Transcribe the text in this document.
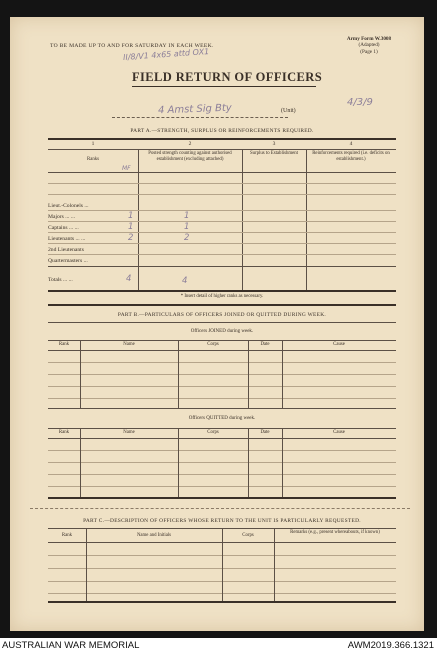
TO BE MADE UP TO AND FOR SATURDAY IN EACH WEEK.
Army Form W.3008
(Adapted)
(Page 1)
II/8/V1 4x65 attd OX1
FIELD RETURN OF OFFICERS
4 Amst Sig Bty	(Unit)
4/3/9
PART A.—STRENGTH, SURPLUS OR REINFORCEMENTS REQUIRED.
1	2	3	4
Ranks
Posted strength counting against authorised establishment (excluding attached)
Surplus to Establishment	Reinforcements required (i.e. deficits on establishment.)
MF
Lieut.-Colonels ...
Majors ... ...	1	1
Captains ... ...	1	1
Lieutenants ... ...	2	2
2nd Lieutenants
Quartermasters ...
Totals ... ...	4	4
* Insert detail of higher ranks as necessary.
PART B.—PARTICULARS OF OFFICERS JOINED OR QUITTED DURING WEEK.
Officers JOINED during week.
Rank	Name	Corps	Date	Cause
Officers QUITTED during week.
Rank	Name	Corps	Date	Cause
PART C.—DESCRIPTION OF OFFICERS WHOSE RETURN TO THE UNIT IS PARTICULARLY REQUESTED.
Rank	Name and Initials	Corps
Remarks (e.g., present whereabouts, if known)
AUSTRALIAN WAR MEMORIAL	AWM2019.366.1321
